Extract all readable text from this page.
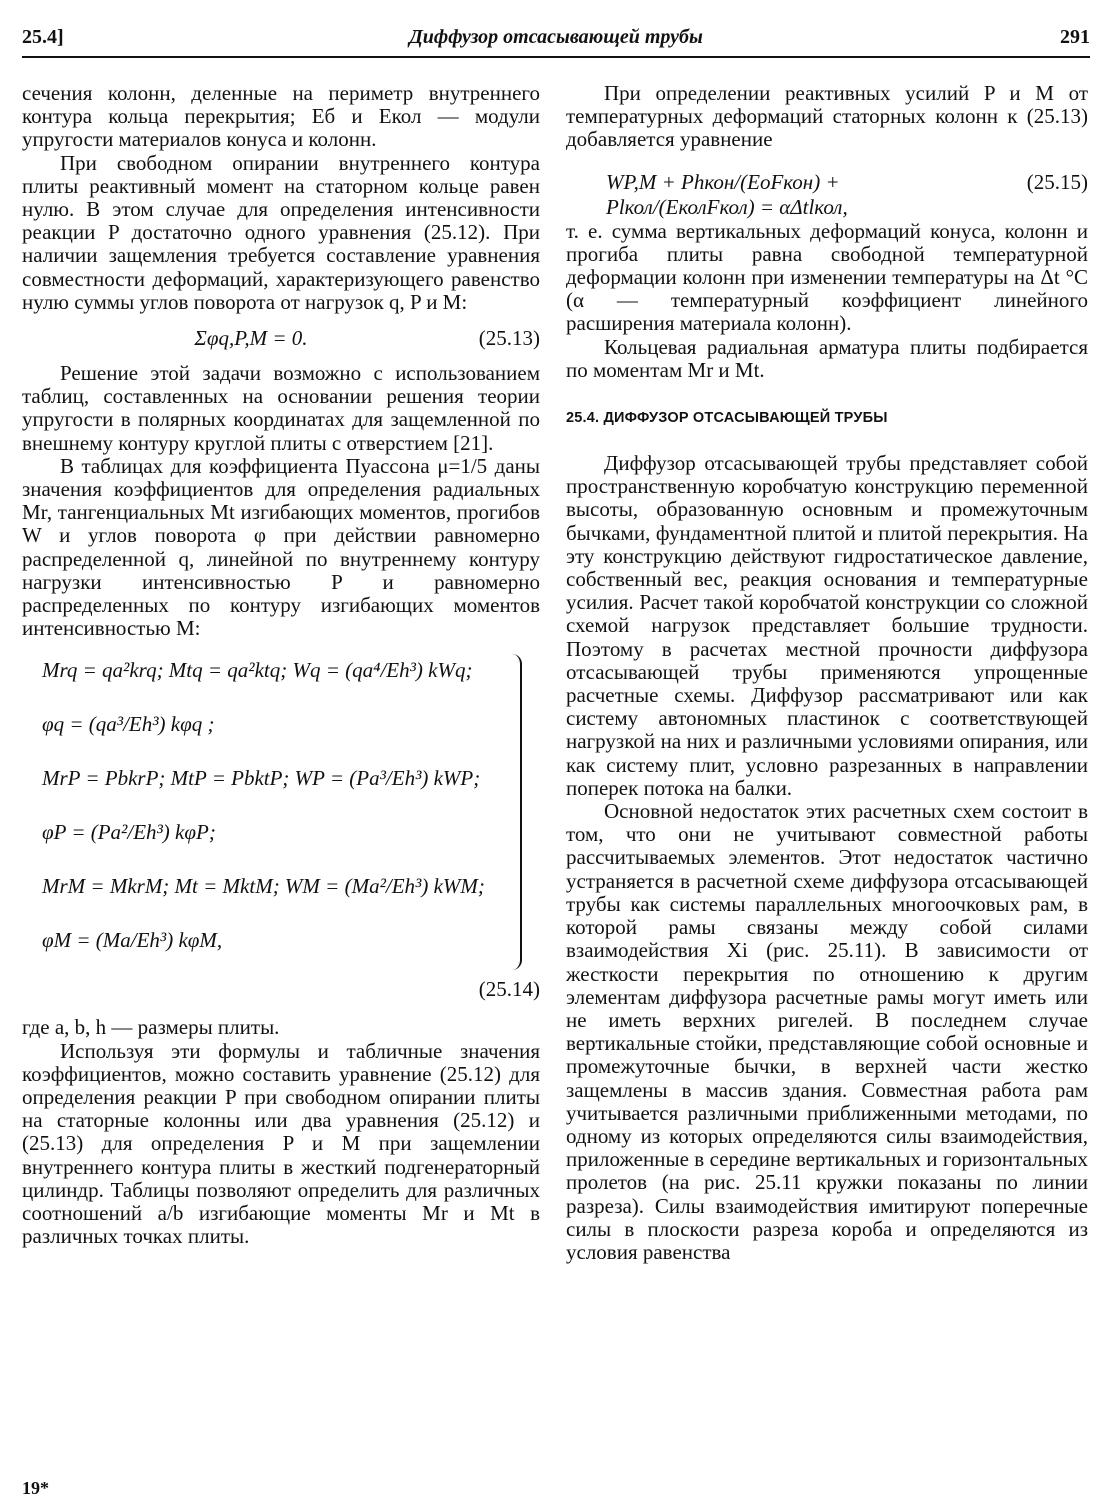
25.4]	Диффузор отсасывающей трубы	291

сечения колонн, деленные на периметр внутреннего контура кольца перекрытия; Eб и Eкол — модули упругости материалов конуса и колонн.

При свободном опирании внутреннего контура плиты реактивный момент на статорном кольце равен нулю. В этом случае для определения интенсивности реакции P достаточно одного уравнения (25.12). При наличии защемления требуется составление уравнения совместности деформаций, характеризующего равенство нулю суммы углов поворота от нагрузок q, P и M:

Σφq,P,M = 0.	(25.13)

Решение этой задачи возможно с использованием таблиц, составленных на основании решения теории упругости в полярных координатах для защемленной по внешнему контуру круглой плиты с отверстием [21].

В таблицах для коэффициента Пуассона μ=1/5 даны значения коэффициентов для определения радиальных Mr, тангенциальных Mt изгибающих моментов, прогибов W и углов поворота φ при действии равномерно распределенной q, линейной по внутреннему контуру нагрузки интенсивностью P и равномерно распределенных по контуру изгибающих моментов интенсивностью M:

Mrq = qa²krq; Mtq = qa²ktq; Wq = (qa⁴/Eh³) kWq;
φq = (qa³/Eh³) kφq ;
MrP = PbkrP; MtP = PbktP; WP = (Pa³/Eh³) kWP;
φP = (Pa²/Eh³) kφP;
MrM = MkrM; Mt = MktM; WM = (Ma²/Eh³) kWM;
φM = (Ma/Eh³) kφM,
(25.14)

где a, b, h — размеры плиты.

Используя эти формулы и табличные значения коэффициентов, можно составить уравнение (25.12) для определения реакции P при свободном опирании плиты на статорные колонны или два уравнения (25.12) и (25.13) для определения P и M при защемлении внутреннего контура плиты в жесткий подгенераторный цилиндр. Таблицы позволяют определить для различных соотношений a/b изгибающие моменты Mr и Mt в различных точках плиты.

При определении реактивных усилий P и M от температурных деформаций статорных колонн к (25.13) добавляется уравнение

WP,M + Phкон/(EоFкон) + Plкол/(EколFкол) = αΔtlкол,
(25.15)

т. е. сумма вертикальных деформаций конуса, колонн и прогиба плиты равна свободной температурной деформации колонн при изменении температуры на Δt °C (α — температурный коэффициент линейного расширения материала колонн).

Кольцевая радиальная арматура плиты подбирается по моментам Mr и Mt.

25.4. ДИФФУЗОР ОТСАСЫВАЮЩЕЙ ТРУБЫ

Диффузор отсасывающей трубы представляет собой пространственную коробчатую конструкцию переменной высоты, образованную основным и промежуточным бычками, фундаментной плитой и плитой перекрытия. На эту конструкцию действуют гидростатическое давление, собственный вес, реакция основания и температурные усилия. Расчет такой коробчатой конструкции со сложной схемой нагрузок представляет большие трудности. Поэтому в расчетах местной прочности диффузора отсасывающей трубы применяются упрощенные расчетные схемы. Диффузор рассматривают или как систему автономных пластинок с соответствующей нагрузкой на них и различными условиями опирания, или как систему плит, условно разрезанных в направлении поперек потока на балки.

Основной недостаток этих расчетных схем состоит в том, что они не учитывают совместной работы рассчитываемых элементов. Этот недостаток частично устраняется в расчетной схеме диффузора отсасывающей трубы как системы параллельных многоочковых рам, в которой рамы связаны между собой силами взаимодействия Xi (рис. 25.11). В зависимости от жесткости перекрытия по отношению к другим элементам диффузора расчетные рамы могут иметь или не иметь верхних ригелей. В последнем случае вертикальные стойки, представляющие собой основные и промежуточные бычки, в верхней части жестко защемлены в массив здания. Совместная работа рам учитывается различными приближенными методами, по одному из которых определяются силы взаимодействия, приложенные в середине вертикальных и горизонтальных пролетов (на рис. 25.11 кружки показаны по линии разреза). Силы взаимодействия имитируют поперечные силы в плоскости разреза короба и определяются из условия равенства

19*
